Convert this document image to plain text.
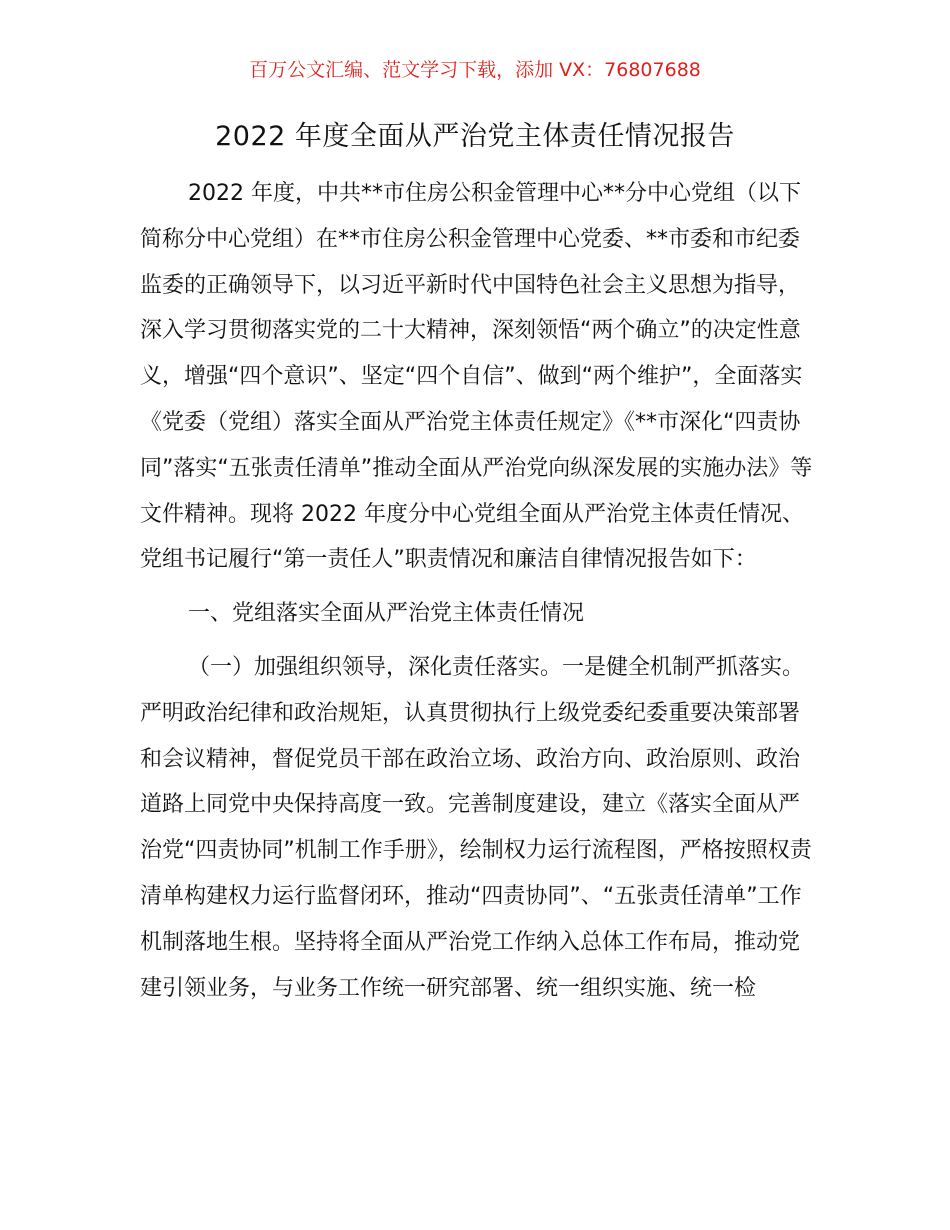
百万公文汇编、范文学习下载，添加 VX：76807688
2022 年度全面从严治党主体责任情况报告

2022 年度，中共**市住房公积金管理中心**分中心党组（以下简称分中心党组）在**市住房公积金管理中心党委、**市委和市纪委监委的正确领导下，以习近平新时代中国特色社会主义思想为指导，深入学习贯彻落实党的二十大精神，深刻领悟“两个确立”的决定性意义，增强“四个意识”、坚定“四个自信”、做到“两个维护”，全面落实《党委（党组）落实全面从严治党主体责任规定》《**市深化“四责协同”落实“五张责任清单”推动全面从严治党向纵深发展的实施办法》等文件精神。现将 2022 年度分中心党组全面从严治党主体责任情况、党组书记履行“第一责任人”职责情况和廉洁自律情况报告如下：

一、党组落实全面从严治党主体责任情况

（一）加强组织领导，深化责任落实。一是健全机制严抓落实。严明政治纪律和政治规矩，认真贯彻执行上级党委纪委重要决策部署和会议精神，督促党员干部在政治立场、政治方向、政治原则、政治道路上同党中央保持高度一致。完善制度建设，建立《落实全面从严治党“四责协同”机制工作手册》，绘制权力运行流程图，严格按照权责清单构建权力运行监督闭环，推动“四责协同”、“五张责任清单”工作机制落地生根。坚持将全面从严治党工作纳入总体工作布局，推动党建引领业务，与业务工作统一研究部署、统一组织实施、统一检
